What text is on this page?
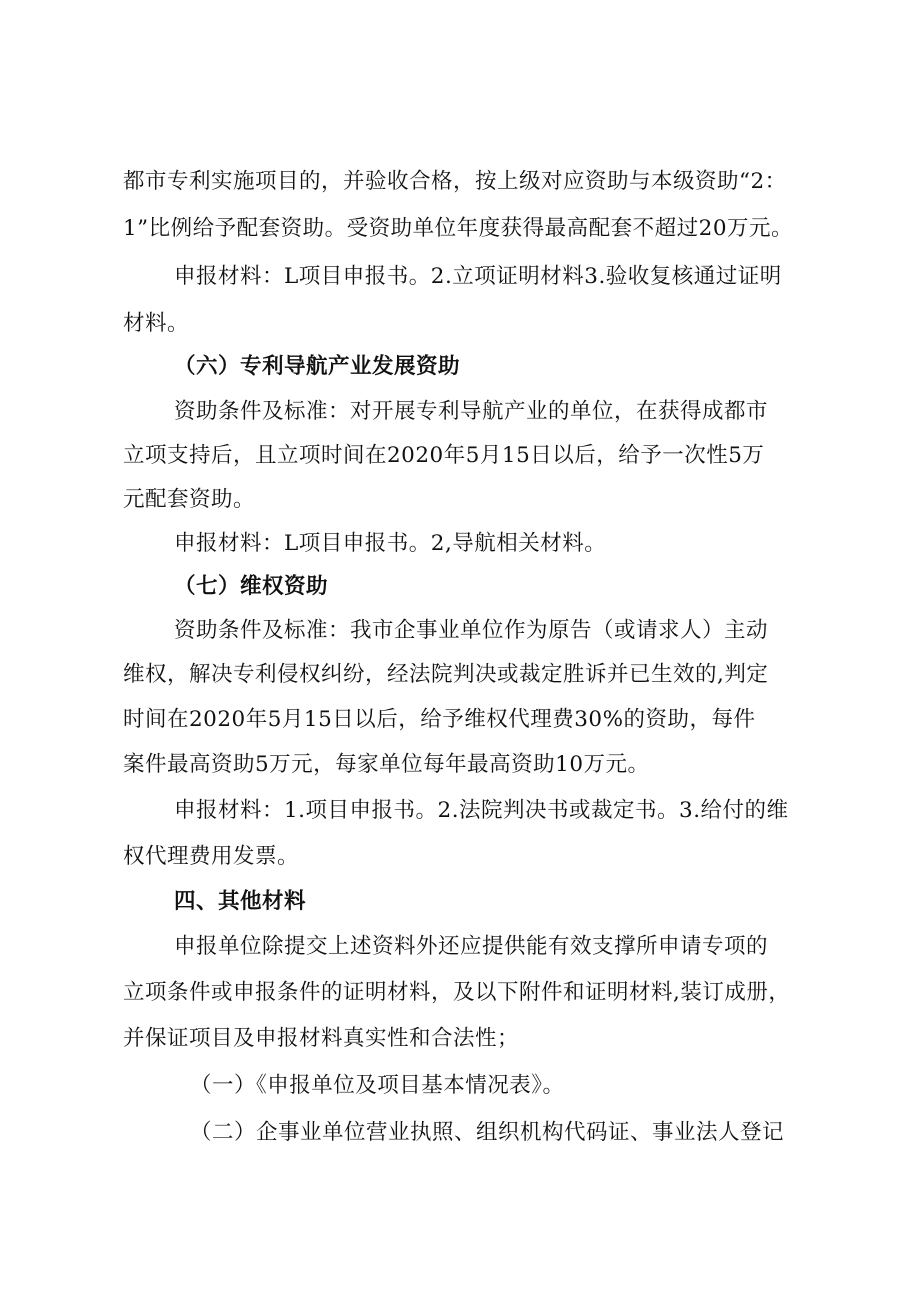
都市专利实施项目的，并验收合格，按上级对应资助与本级资助“2：
1”比例给予配套资助。受资助单位年度获得最高配套不超过20万元。
申报材料：L项目申报书。2.立项证明材料3.验收复核通过证明
材料。
（六）专利导航产业发展资助
资助条件及标准：对开展专利导航产业的单位，在获得成都市
立项支持后，且立项时间在2020年5月15日以后，给予一次性5万
元配套资助。
申报材料：L项目申报书。2,导航相关材料。
（七）维权资助
资助条件及标准：我市企事业单位作为原告（或请求人）主动
维权，解决专利侵权纠纷，经法院判决或裁定胜诉并已生效的,判定
时间在2020年5月15日以后，给予维权代理费30%的资助，每件
案件最高资助5万元，每家单位每年最高资助10万元。
申报材料：1.项目申报书。2.法院判决书或裁定书。3.给付的维
权代理费用发票。
四、其他材料
申报单位除提交上述资料外还应提供能有效支撑所申请专项的
立项条件或申报条件的证明材料，及以下附件和证明材料,装订成册，
并保证项目及申报材料真实性和合法性；
（一）《申报单位及项目基本情况表》。
（二）企事业单位营业执照、组织机构代码证、事业法人登记
